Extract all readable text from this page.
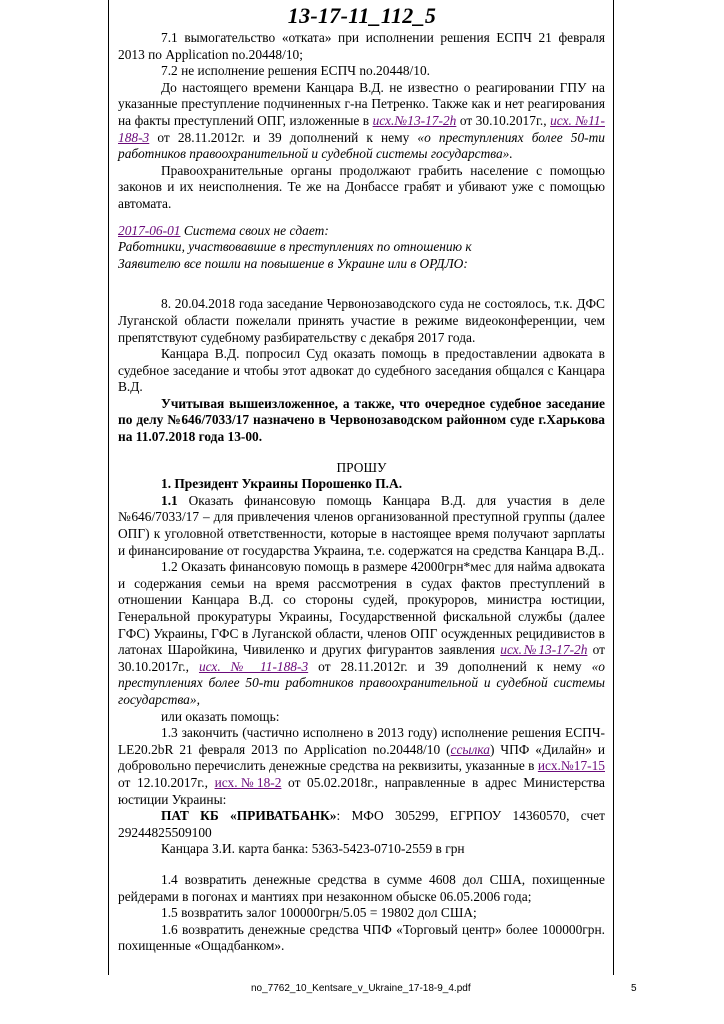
13-17-11_112_5

7.1 вымогательство «отката» при исполнении решения ЕСПЧ 21 февраля 2013 по Application no.20448/10;

7.2 не исполнение решения ЕСПЧ no.20448/10.

До настоящего времени Канцара В.Д. не известно о реагировании ГПУ на указанные преступление подчиненных г-на Петренко. Также как и нет реагирования на факты преступлений ОПГ, изложенные в исх.№13-17-2h от 30.10.2017г., исх. №11-188-3 от 28.11.2012г. и 39 дополнений к нему «о преступлениях более 50-ти работников правоохранительной и судебной системы государства».

Правоохранительные органы продолжают грабить население с помощью законов и их неисполнения. Те же на Донбассе грабят и убивают уже с помощью автомата.

2017-06-01 Система своих не сдает:

Работники, участвовавшие в преступлениях по отношению к

Заявителю все пошли на повышение в Украине или в ОРДЛО:

8. 20.04.2018 года заседание Червонозаводского суда не состоялось, т.к. ДФС Луганской области пожелали принять участие в режиме видеоконференции, чем препятствуют судебному разбирательству с декабря 2017 года.

Канцара В.Д. попросил Суд оказать помощь в предоставлении адвоката в судебное заседание и чтобы этот адвокат до судебного заседания общался с Канцара В.Д.

Учитывая вышеизложенное, а также, что очередное судебное заседание по делу №646/7033/17 назначено в Червонозаводском районном суде г.Харькова на 11.07.2018 года 13-00.

ПРОШУ

1. Президент Украины Порошенко П.А.

1.1 Оказать финансовую помощь Канцара В.Д. для участия в деле №646/7033/17 – для привлечения членов организованной преступной группы (далее ОПГ) к уголовной ответственности, которые в настоящее время получают зарплаты и финансирование от государства Украина, т.е. содержатся на средства Канцара В.Д..

1.2 Оказать финансовую помощь в размере 42000грн*мес для найма адвоката и содержания семьи на время рассмотрения в судах фактов преступлений в отношении Канцара В.Д. со стороны судей, прокуроров, министра юстиции, Генеральной прокуратуры Украины, Государственной фискальной службы (далее ГФС) Украины, ГФС в Луганской области, членов ОПГ осужденных рецидивистов в латонах Шаройкина, Чивиленко и других фигурантов заявления исх.№13-17-2h от 30.10.2017г., исх. № 11-188-3 от 28.11.2012г. и 39 дополнений к нему «о преступлениях более 50-ти работников правоохранительной и судебной системы государства»,

или оказать помощь:

1.3 закончить (частично исполнено в 2013 году) исполнение решения ЕСПЧ-LE20.2bR 21 февраля 2013 по Application no.20448/10 (ссылка) ЧПФ «Дилайн» и добровольно перечислить денежные средства на реквизиты, указанные в исх.№17-15 от 12.10.2017г., исх.№18-2 от 05.02.2018г., направленные в адрес Министерства юстиции Украины:

ПАТ КБ «ПРИВАТБАНК»: МФО 305299, ЕГРПОУ 14360570, счет 29244825509100

Канцара З.И. карта банка: 5363-5423-0710-2559 в грн

1.4 возвратить денежные средства в сумме 4608 дол США, похищенные рейдерами в погонах и мантиях при незаконном обыске 06.05.2006 года;

1.5 возвратить залог 100000грн/5.05 = 19802 дол США;

1.6 возвратить денежные средства ЧПФ «Торговый центр» более 100000грн. похищенные «Ощадбанком».

no_7762_10_Kentsare_v_Ukraine_17-18-9_4.pdf	5
